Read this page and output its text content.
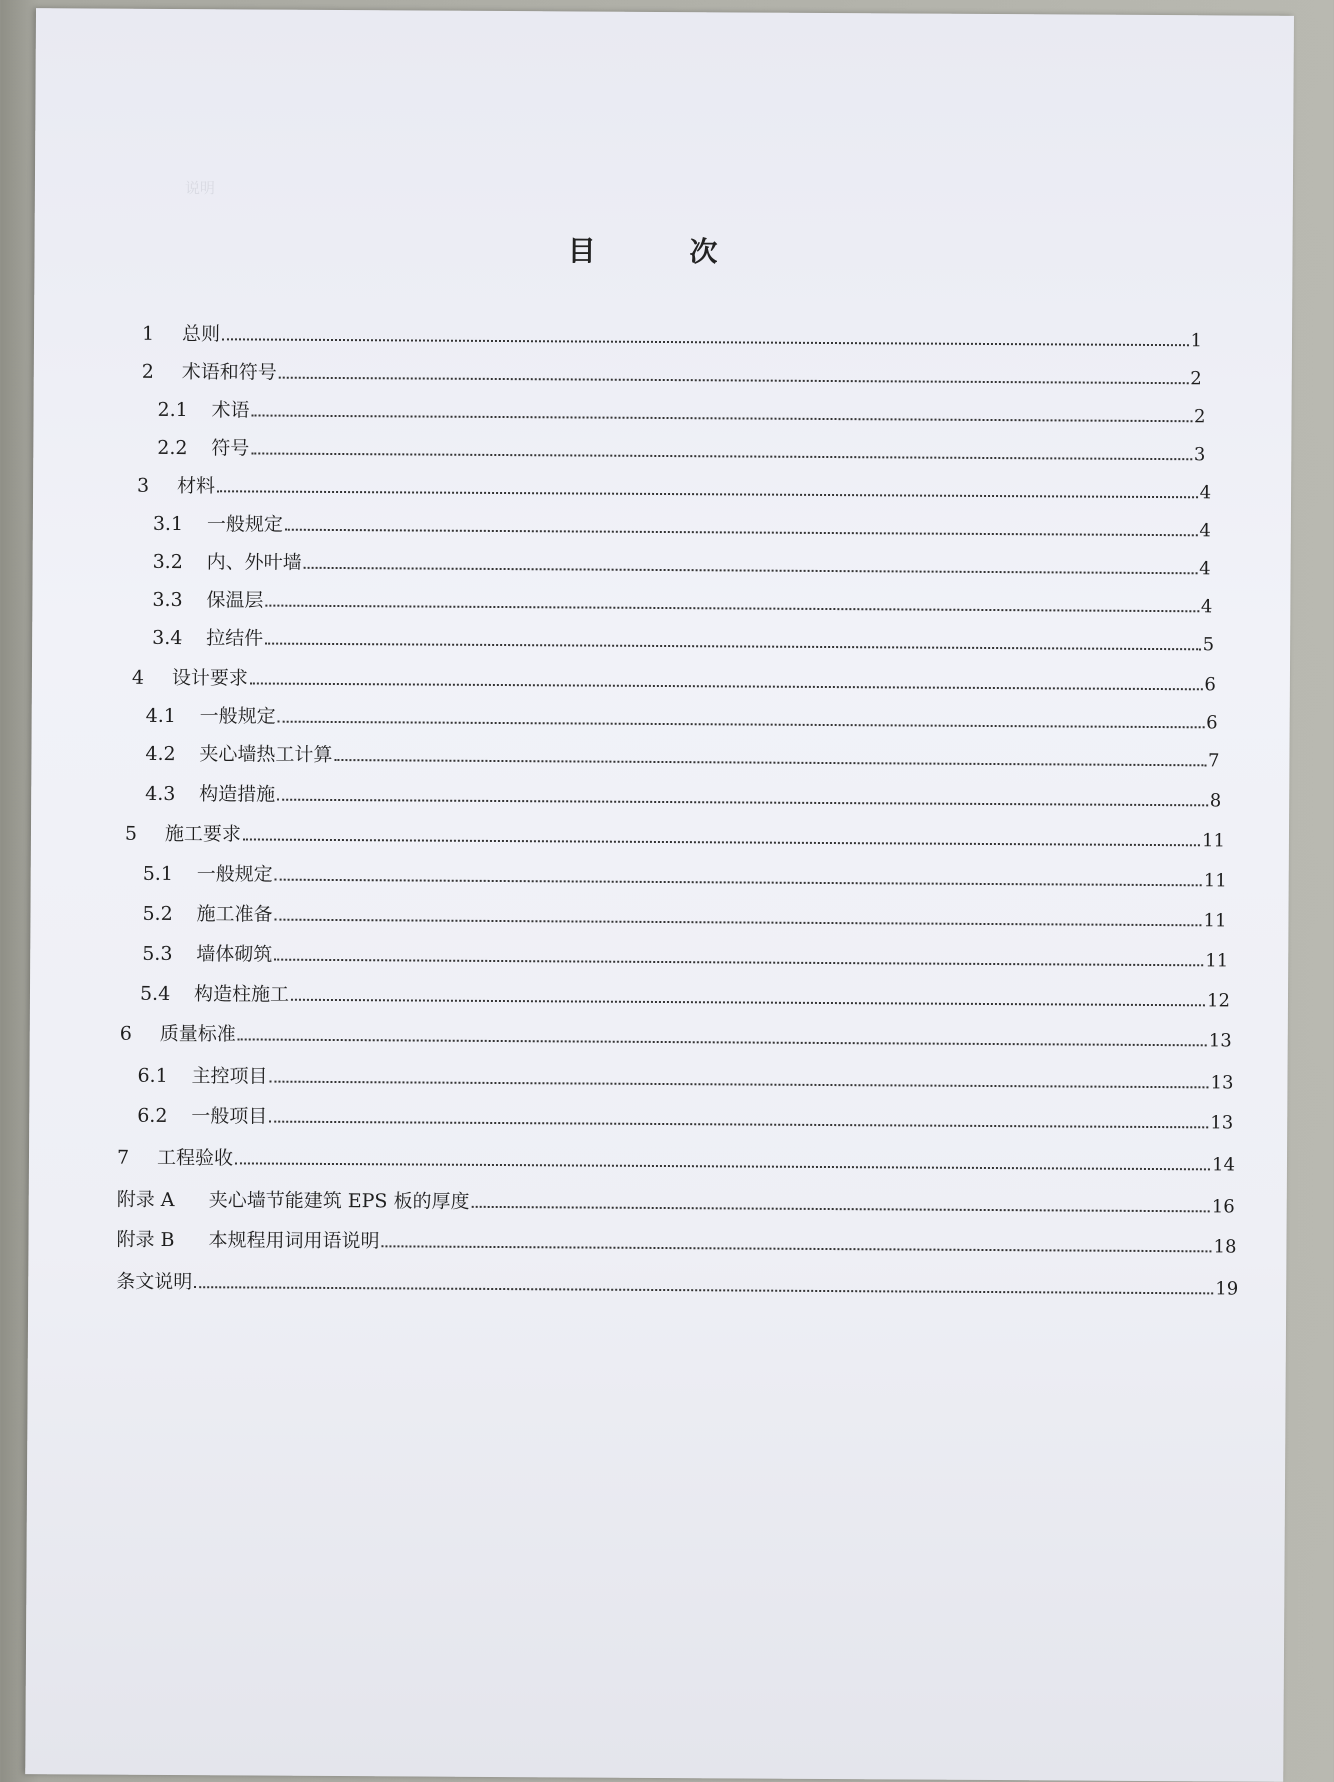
说明
目 次
1	总则	1
2	术语和符号	2
2.1	术语	2
2.2	符号	3
3	材料	4
3.1	一般规定	4
3.2	内、外叶墙	4
3.3	保温层	4
3.4	拉结件	5
4	设计要求	6
4.1	一般规定	6
4.2	夹心墙热工计算	7
4.3	构造措施	8
5	施工要求	11
5.1	一般规定	11
5.2	施工准备	11
5.3	墙体砌筑	11
5.4	构造柱施工	12
6	质量标准	13
6.1	主控项目	13
6.2	一般项目	13
7	工程验收	14
附录 A	夹心墙节能建筑 EPS 板的厚度	16
附录 B	本规程用词用语说明	18
条文说明	19
